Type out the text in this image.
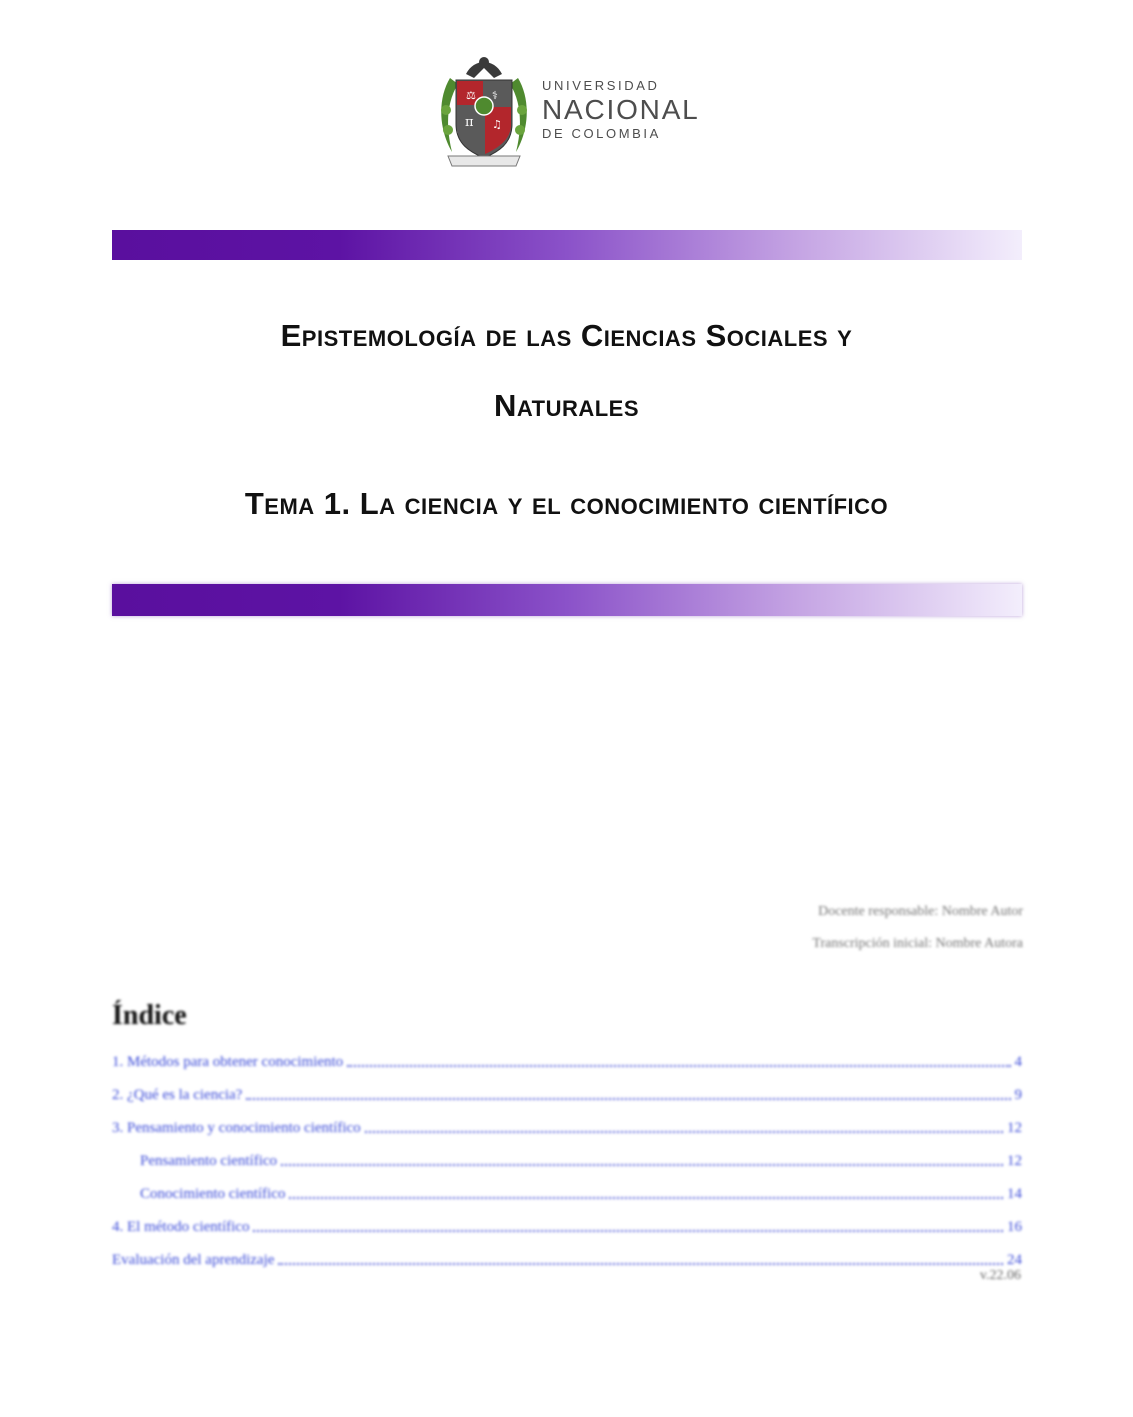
⚖ ⚕
π ♫
UNIVERSIDAD
NACIONAL
DE COLOMBIA
Epistemología de las Ciencias Sociales y
Naturales
Tema 1. La ciencia y el conocimiento científico
Docente responsable: Nombre Autor
Transcripción inicial: Nombre Autora
Índice
1. Métodos para obtener conocimiento	4
2. ¿Qué es la ciencia?	9
3. Pensamiento y conocimiento científico	12
Pensamiento científico	12
Conocimiento científico	14
4. El método científico	16
Evaluación del aprendizaje	24
v.22.06
